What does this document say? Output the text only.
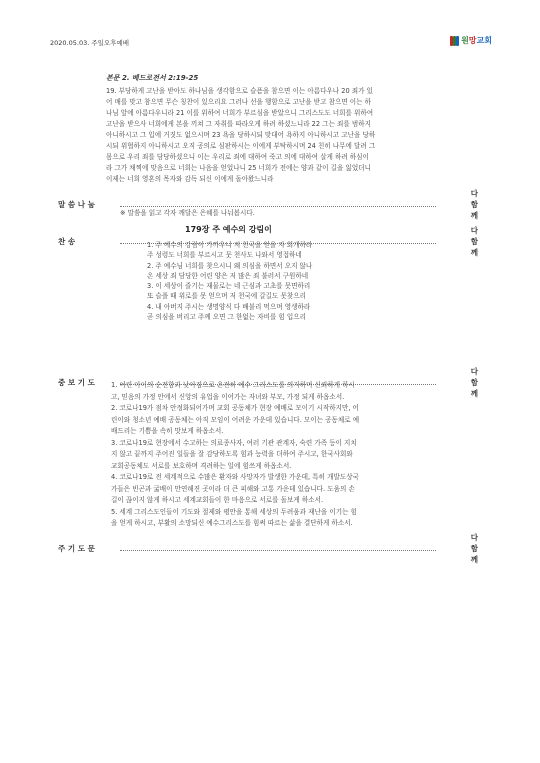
2020.05.03. 주일오후예배	원 망 교회
본문 2. 베드로전서 2:19-25
19. 부당하게 고난을 받아도 하나님을 생각함으로 슬픔을 참으면 이는 아름다우나 20 죄가 있
어 매를 맞고 참으면 무슨 칭찬이 있으리요 그러나 선을 행함으로 고난을 받고 참으면 이는 하
나님 앞에 아름다우니라 21 이를 위하여 너희가 부르심을 받았으니 그리스도도 너희를 위하여
고난을 받으사 너희에게 본을 끼쳐 그 자취를 따라오게 하려 하셨느니라 22 그는 죄를 범하지
아니하시고 그 입에 거짓도 없으시며 23 욕을 당하시되 맞대어 욕하지 아니하시고 고난을 당하
시되 위협하지 아니하시고 오직 공의로 심판하시는 이에게 부탁하시며 24 친히 나무에 달려 그
몸으로 우리 죄를 담당하셨으니 이는 우리로 죄에 대하여 죽고 의에 대하여 살게 하려 하심이
라 그가 채찍에 맞음으로 너희는 나음을 얻었나니 25 너희가 전에는 양과 같이 길을 잃었더니
이제는 너희 영혼의 목자와 감독 되신 이에게 돌아왔느니라
말 씀 나 눔
다 함 께
※ 말씀을 읽고 각자 깨달은 은혜를 나눠봅시다.
찬 송
다 함 께
179장 주 예수의 강림이
1. 주 예수의 강림이 가까우니 저 천국을 얻을 자 회개하라
주 성령도 너희를 부르시고 뭇 천사도 나와서 영접하네
2. 주 예수님 너희를 찾으시니 왜 의심을 하면서 오지 않나
온 세상 죄 담당한 어린 양은 저 많은 죄 불러서 구원하네
3. 이 세상이 즐기는 재물로는 네 근심과 고초를 못면하리
또 슬플 때 위로를 못 얻으며 저 천국에 갈길도 못찾으리
4. 내 아버지 주시는 생명양식 다 배불리 먹으며 영생하라
곧 의심을 버리고 주께 오면 그 한없는 자비를 힘 입으리
중 보 기 도
다 함 께
1. 어린 아이의 순전함과 낮아짐으로 온전히 예수 그리스도를 의지하며 신뢰하게 하시
고, 믿음의 가정 안에서 신앙의 유업을 이어가는 자녀와 부모, 가정 되게 하옵소서.
2. 코로나19가 점차 안정화되어가며 교회 공동체가 현장 예배로 모이기 시작하지만, 어
린이와 청소년 예배 공동체는 아직 모임이 어려운 가운데 있습니다. 모이는 공동체로 예
배드리는 기쁨을 속히 맛보게 하옵소서.
3. 코로나19로 현장에서 수고하는 의료종사자, 여러 기관 관계자, 숙련 가족 등이 지치
지 않고 끝까지 주어진 일들을 잘 감당하도록 힘과 능력을 더하여 주시고, 한국사회와
교회공동체도 서로를 보호하며 격려하는 일에 힘쓰게 하옵소서.
4. 코로나19로 전 세계적으로 수많은 환자와 사망자가 발생한 가운데, 특히 개발도상국
가들은 빈곤과 굶배이 만연해진 곳이라 더 큰 피해와 고통 가운데 있습니다. 도움의 손
길이 끊이지 않게 하시고 세계교회들이 한 마음으로 서로를 돌보게 하소서.
5. 세계 그리스도인들이 기도와 절제와 평안을 통해 세상의 두려움과 재난을 이기는 힘
을 얻게 하시고, 부활의 소망되신 예수그리스도를 힘써 따르는 삶을 결단하게 하소서.
주 기 도 문
다 함 께
